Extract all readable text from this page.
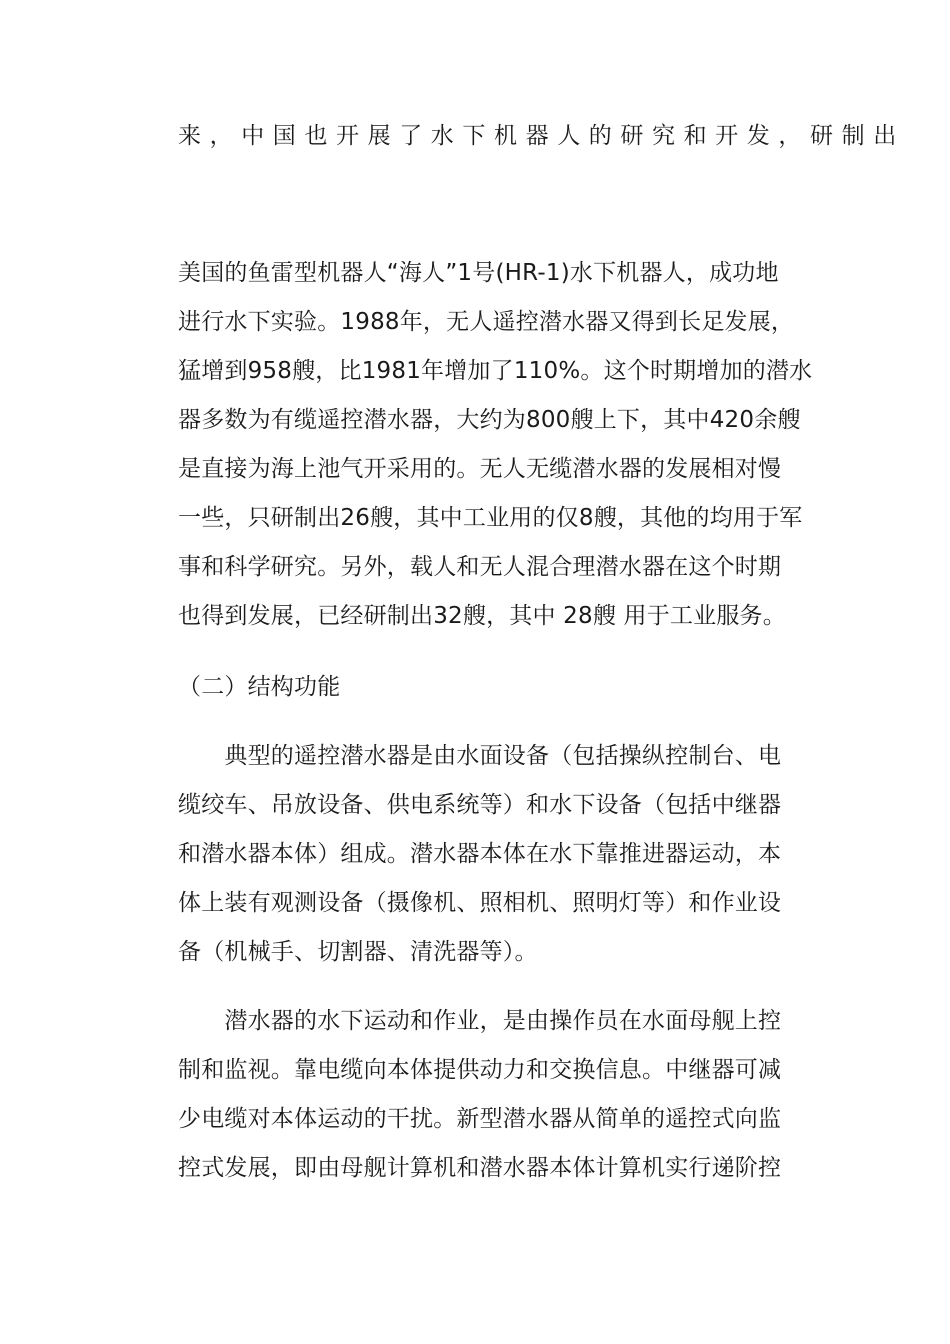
来，中国也开展了水下机器人的研究和开发，研制出
美国的鱼雷型机器人“海人”1号(HR-1)水下机器人，成功地
进行水下实验。1988年，无人遥控潜水器又得到长足发展，
猛增到958艘，比1981年增加了110%。这个时期增加的潜水
器多数为有缆遥控潜水器，大约为800艘上下，其中420余艘
是直接为海上池气开采用的。无人无缆潜水器的发展相对慢
一些，只研制出26艘，其中工业用的仅8艘，其他的均用于军
事和科学研究。另外，载人和无人混合理潜水器在这个时期
也得到发展，已经研制出32艘，其中 28艘 用于工业服务。
（二）结构功能
　　典型的遥控潜水器是由水面设备（包括操纵控制台、电
缆绞车、吊放设备、供电系统等）和水下设备（包括中继器
和潜水器本体）组成。潜水器本体在水下靠推进器运动，本
体上装有观测设备（摄像机、照相机、照明灯等）和作业设
备（机械手、切割器、清洗器等）。
　　潜水器的水下运动和作业，是由操作员在水面母舰上控
制和监视。靠电缆向本体提供动力和交换信息。中继器可减
少电缆对本体运动的干扰。新型潜水器从简单的遥控式向监
控式发展，即由母舰计算机和潜水器本体计算机实行递阶控
